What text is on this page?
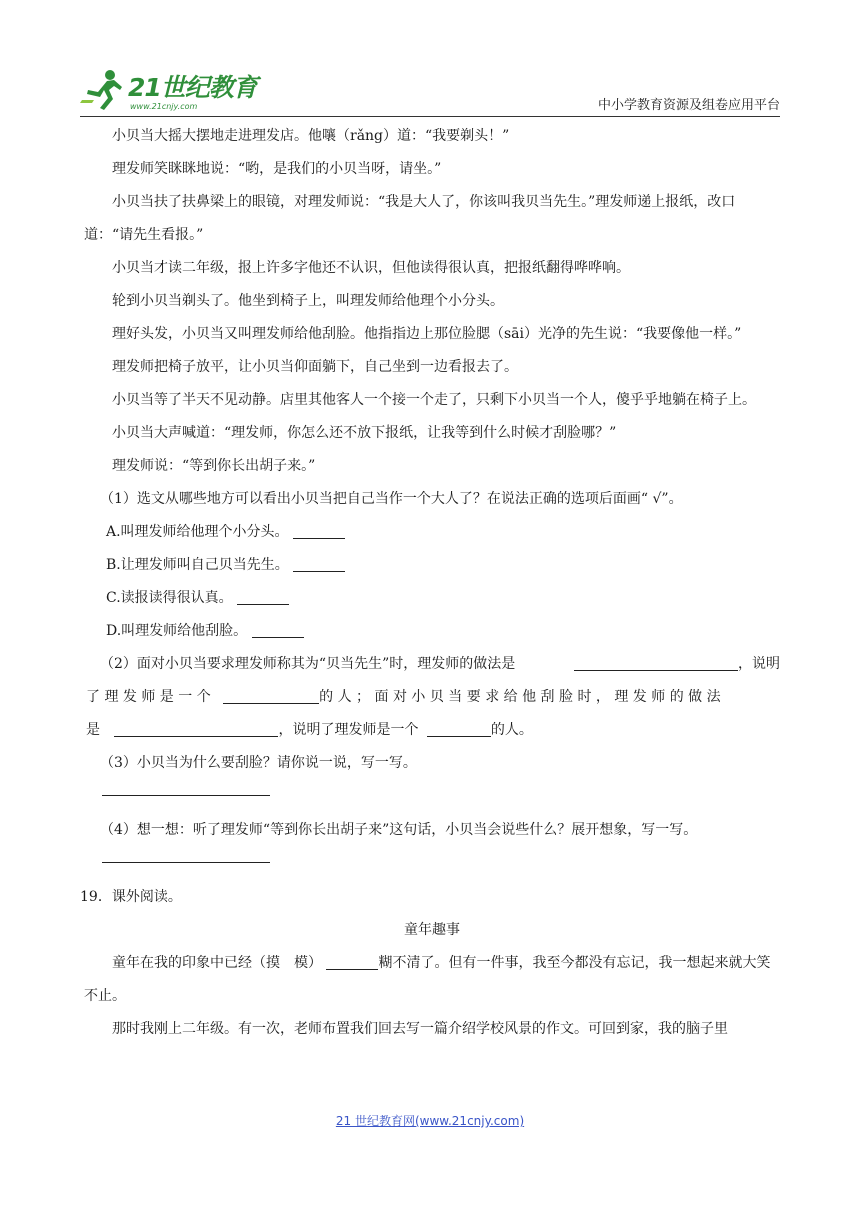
21世纪教育
www.21cnjy.com	中小学教育资源及组卷应用平台

小贝当大摇大摆地走进理发店。他嚷（rǎng）道：“我要剃头！”

理发师笑眯眯地说：“哟，是我们的小贝当呀，请坐。”

小贝当扶了扶鼻梁上的眼镜，对理发师说：“我是大人了，你该叫我贝当先生。”理发师递上报纸，改口道：“请先生看报。”

小贝当才读二年级，报上许多字他还不认识，但他读得很认真，把报纸翻得哗哗响。

轮到小贝当剃头了。他坐到椅子上，叫理发师给他理个小分头。

理好头发，小贝当又叫理发师给他刮脸。他指指边上那位脸腮（sāi）光净的先生说：“我要像他一样。”

理发师把椅子放平，让小贝当仰面躺下，自己坐到一边看报去了。

小贝当等了半天不见动静。店里其他客人一个接一个走了，只剩下小贝当一个人，傻乎乎地躺在椅子上。

小贝当大声喊道：“理发师，你怎么还不放下报纸，让我等到什么时候才刮脸哪？”

理发师说：“等到你长出胡子来。”

（1）选文从哪些地方可以看出小贝当把自己当作一个大人了？在说法正确的选项后面画“ √”。

A.叫理发师给他理个小分头。

B.让理发师叫自己贝当先生。

C.读报读得很认真。

D.叫理发师给他刮脸。

（2）面对小贝当要求理发师称其为“贝当先生”时，理发师的做法是	，说明

了 理 发 师 是 一 个	的 人 ； 面 对 小 贝 当 要 求 给 他 刮 脸 时 ， 理 发 师 的 做 法

是	，说明了理发师是一个	的人。

（3）小贝当为什么要刮脸？请你说一说，写一写。

（4）想一想：听了理发师“等到你长出胡子来”这句话，小贝当会说些什么？展开想象，写一写。

19．课外阅读。

童年趣事

童年在我的印象中已经（摸　模）	糊不清了。但有一件事，我至今都没有忘记，我一想起来就大笑不止。

那时我刚上二年级。有一次，老师布置我们回去写一篇介绍学校风景的作文。可回到家，我的脑子里

21 世纪教育网(www.21cnjy.com)
